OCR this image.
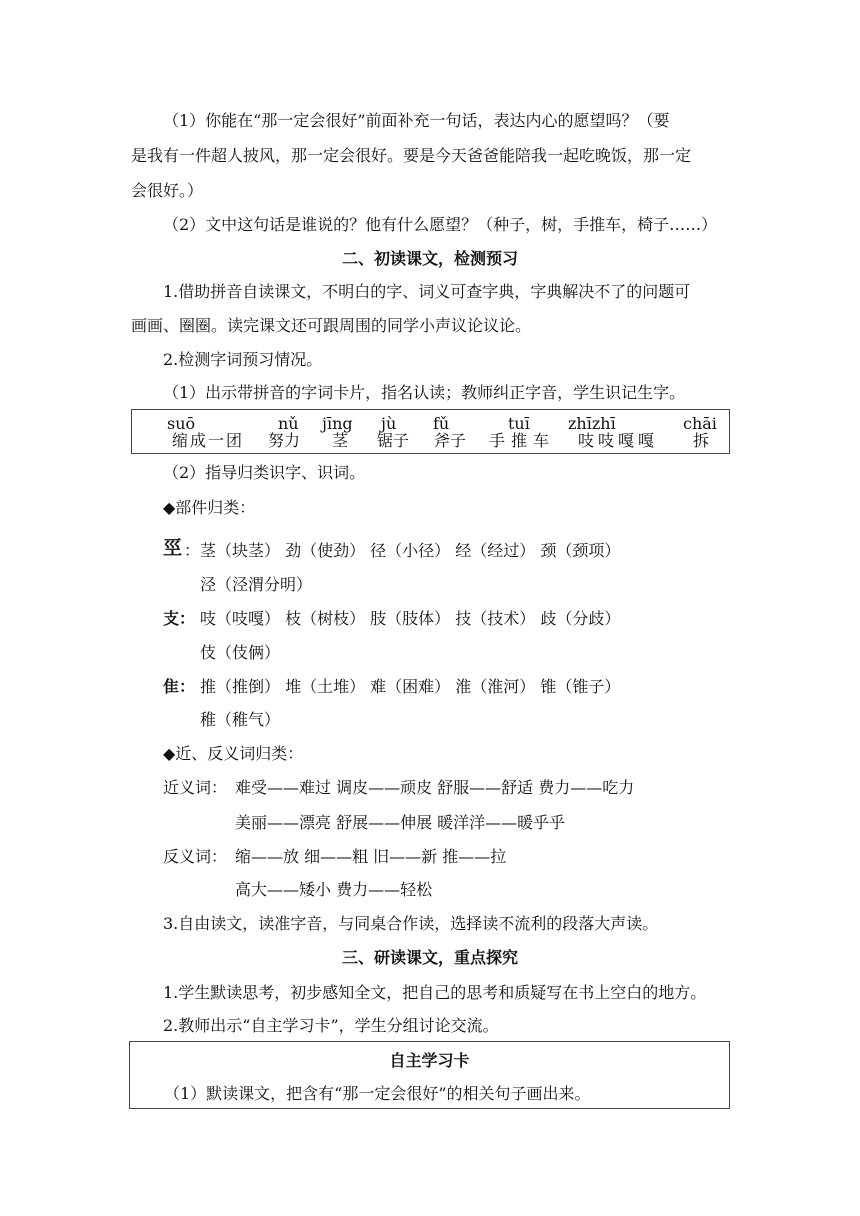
（1）你能在“那一定会很好”前面补充一句话，表达内心的愿望吗？（要
是我有一件超人披风，那一定会很好。要是今天爸爸能陪我一起吃晚饭，那一定
会很好。）
（2）文中这句话是谁说的？他有什么愿望？（种子，树，手推车，椅子……）
二、初读课文，检测预习
1.借助拼音自读课文，不明白的字、词义可查字典，字典解决不了的问题可
画画、圈圈。读完课文还可跟周围的同学小声议论议论。
2.检测字词预习情况。
（1）出示带拼音的字词卡片，指名认读；教师纠正字音，学生识记生字。
suō	nǔ jīng jù fǔ	tuī zhīzhī	chāi
缩成一团 努力 茎 锯子 斧子 手推车 吱吱嘎嘎 拆
（2）指导归类识字、识词。
◆部件归类：
巠 ：茎（块茎） 劲（使劲） 径（小径） 经（经过） 颈（颈项）
泾（泾渭分明）
支： 吱（吱嘎） 枝（树枝） 肢（肢体） 技（技术） 歧（分歧）
伎（伎俩）
隹： 推（推倒） 堆（土堆） 难（困难） 淮（淮河） 锥（锥子）
稚（稚气）
◆近、反义词归类：
近义词： 难受——难过 调皮——顽皮 舒服——舒适 费力——吃力
美丽——漂亮 舒展——伸展 暖洋洋——暖乎乎
反义词： 缩——放 细——粗 旧——新 推——拉
高大——矮小 费力——轻松
3.自由读文，读准字音，与同桌合作读，选择读不流利的段落大声读。
三、研读课文，重点探究
1.学生默读思考，初步感知全文，把自己的思考和质疑写在书上空白的地方。
2.教师出示“自主学习卡”，学生分组讨论交流。
自主学习卡
（1）默读课文，把含有“那一定会很好”的相关句子画出来。
